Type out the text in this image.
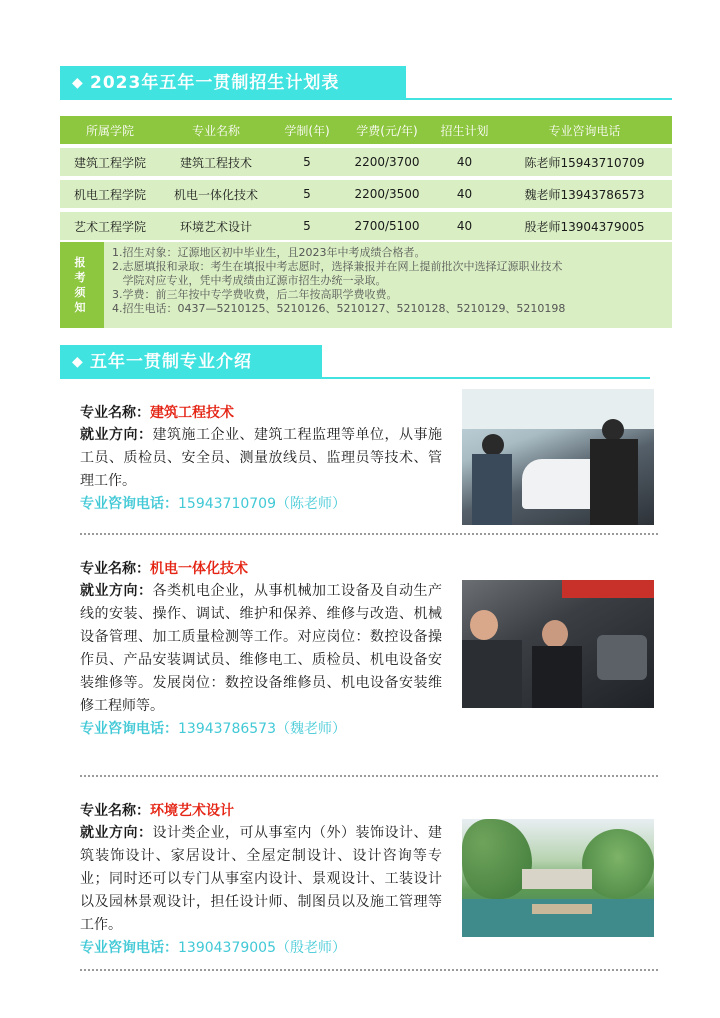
◆ 2023年五年一贯制招生计划表
所属学院	专业名称	学制(年)	学费(元/年)	招生计划	专业咨询电话
建筑工程学院	建筑工程技术	5	2200/3700	40	陈老师15943710709
机电工程学院	机电一体化技术	5	2200/3500	40	魏老师13943786573
艺术工程学院	环境艺术设计	5	2700/5100	40	殷老师13904379005
报
考
须
知
1.招生对象：辽源地区初中毕业生，且2023年中考成绩合格者。
2.志愿填报和录取：考生在填报中考志愿时，选择兼报并在网上提前批次中选择辽源职业技术
学院对应专业，凭中考成绩由辽源市招生办统一录取。
3.学费：前三年按中专学费收费，后二年按高职学费收费。
4.招生电话：0437—5210125、5210126、5210127、5210128、5210129、5210198
◆ 五年一贯制专业介绍
专业名称：建筑工程技术
就业方向：建筑施工企业、建筑工程监理等单位，从事施工员、质检员、安全员、测量放线员、监理员等技术、管理工作。
专业咨询电话：15943710709（陈老师）
专业名称：机电一体化技术
就业方向：各类机电企业，从事机械加工设备及自动生产线的安装、操作、调试、维护和保养、维修与改造、机械设备管理、加工质量检测等工作。对应岗位：数控设备操作员、产品安装调试员、维修电工、质检员、机电设备安装维修等。发展岗位：数控设备维修员、机电设备安装维修工程师等。
专业咨询电话：13943786573（魏老师）
专业名称：环境艺术设计
就业方向：设计类企业，可从事室内（外）装饰设计、建筑装饰设计、家居设计、全屋定制设计、设计咨询等专业；同时还可以专门从事室内设计、景观设计、工装设计以及园林景观设计，担任设计师、制图员以及施工管理等工作。
专业咨询电话：13904379005（殷老师）
